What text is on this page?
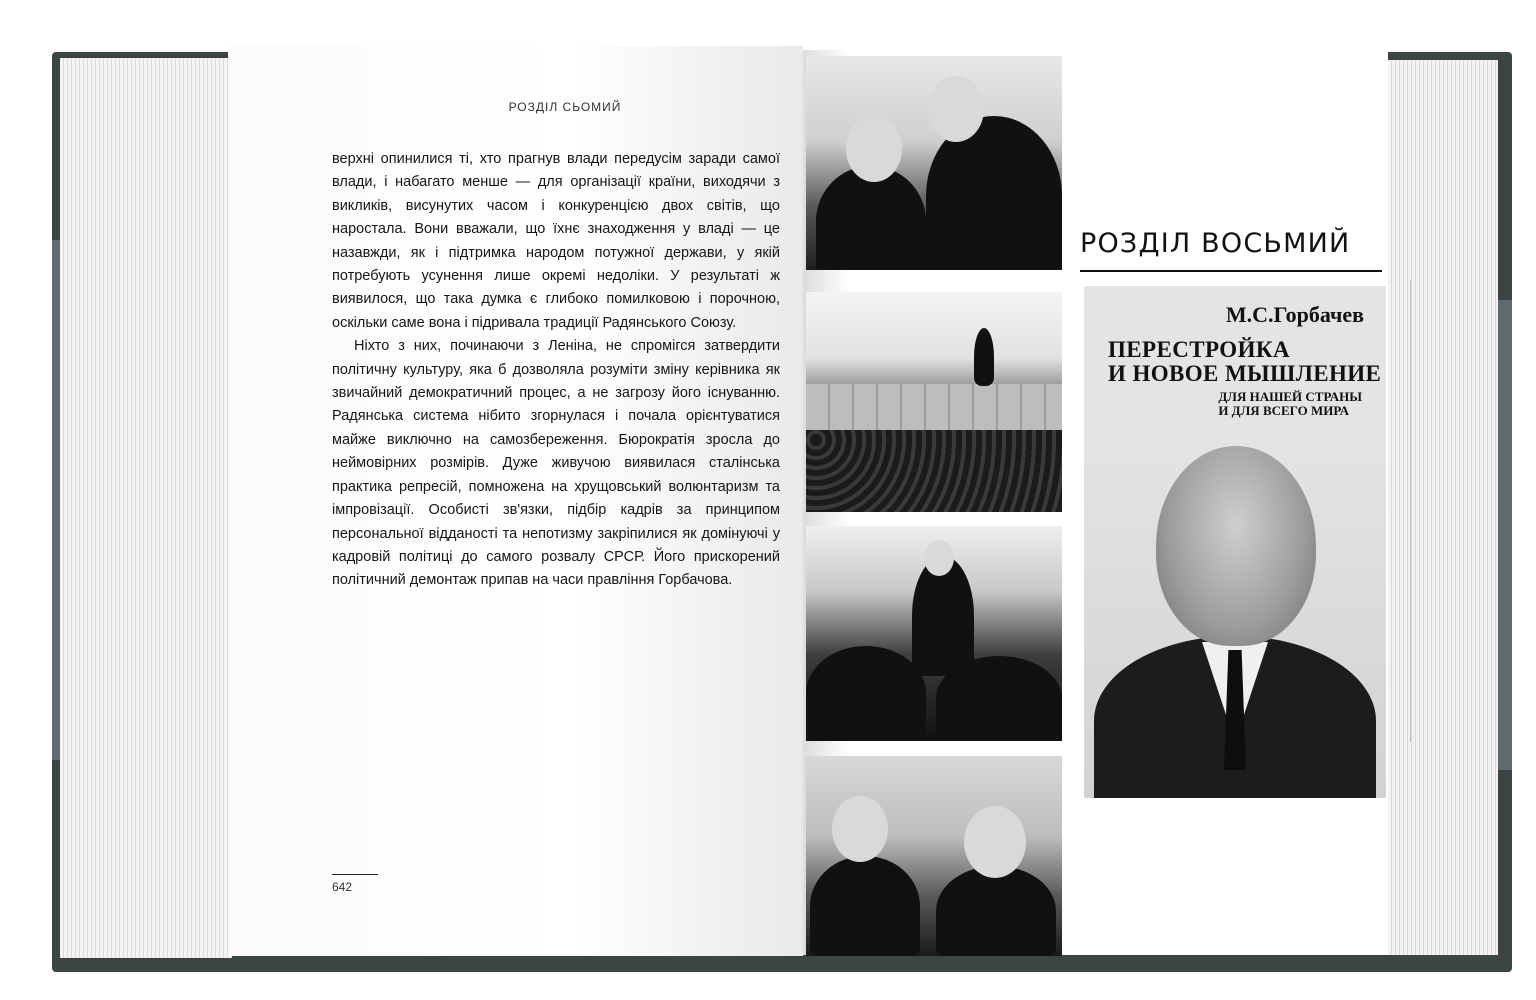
РОЗДІЛ СЬОМИЙ

верхні опинилися ті, хто прагнув влади передусім заради самої влади, і набагато менше — для організації країни, виходячи з викликів, висунутих часом і конкуренцією двох світів, що наростала. Вони вважали, що їхнє знаходження у владі — це назавжди, як і підтримка народом потужної держави, у якій потребують усунення лише окремі недоліки. У результаті ж виявилося, що така думка є глибоко помилковою і порочною, оскільки саме вона і підривала традиції Радянського Союзу.

Ніхто з них, починаючи з Леніна, не спромігся затвердити політичну культуру, яка б дозволяла розуміти зміну керівника як звичайний демократичний процес, а не загрозу його існуванню. Радянська система нібито згорнулася і почала орієнтуватися майже виключно на самозбереження. Бюрократія зросла до неймовірних розмірів. Дуже живучою виявилася сталінська практика репресій, помножена на хрущовський волюнтаризм та імпровізації. Особисті зв'язки, підбір кадрів за принципом персональної відданості та непотизму закріпилися як домінуючі у кадровій політиці до самого розвалу СРСР. Його прискорений політичний демонтаж припав на часи правління Горбачова.

642
РОЗДІЛ ВОСЬМИЙ
М.С.Горбачев
ПЕРЕСТРОЙКА
И НОВОЕ МЫШЛЕНИЕ
ДЛЯ НАШЕЙ СТРАНЫ
И ДЛЯ ВСЕГО МИРА
